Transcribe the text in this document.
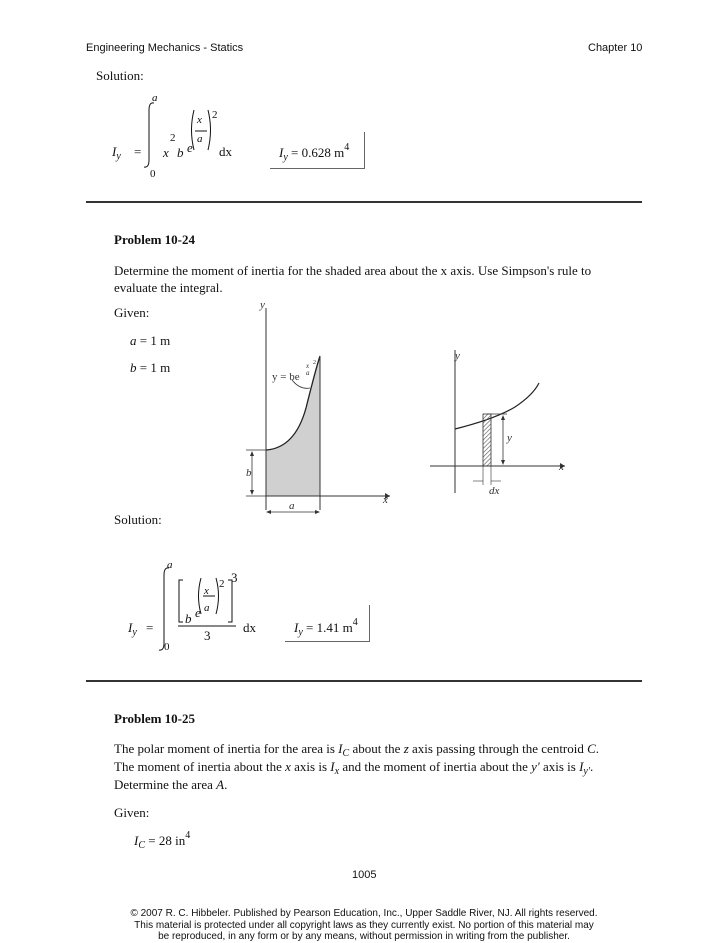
Engineering Mechanics - Statics	Chapter 10
Solution:
a
0
$I_y = x$
2
b e
x
a
2
dx	$I_y = 0.628$ $m^4$
Problem 10-24
Determine the moment of inertia for the shaded area about the x axis. Use Simpson's rule to evaluate the integral.
Given:
a = 1 m
b = 1 m
y
x
y = be
x
a
2
b
a
y
x
y
dx
Solution:
a
0
$I_y$ =
b e
x
a
2 3
3
dx	$I_y = 1.41$ $m^4$
Problem 10-25
The polar moment of inertia for the area is $I_C$ about the z axis passing through the centroid C.
The moment of inertia about the x axis is $I_x$ and the moment of inertia about the y' axis is $I_{y'}$.
Determine the area A.
Given:
$I_C = 28$ $in^4$
1005
© 2007 R. C. Hibbeler. Published by Pearson Education, Inc., Upper Saddle River, NJ. All rights reserved.
This material is protected under all copyright laws as they currently exist. No portion of this material may
be reproduced, in any form or by any means, without permission in writing from the publisher.
